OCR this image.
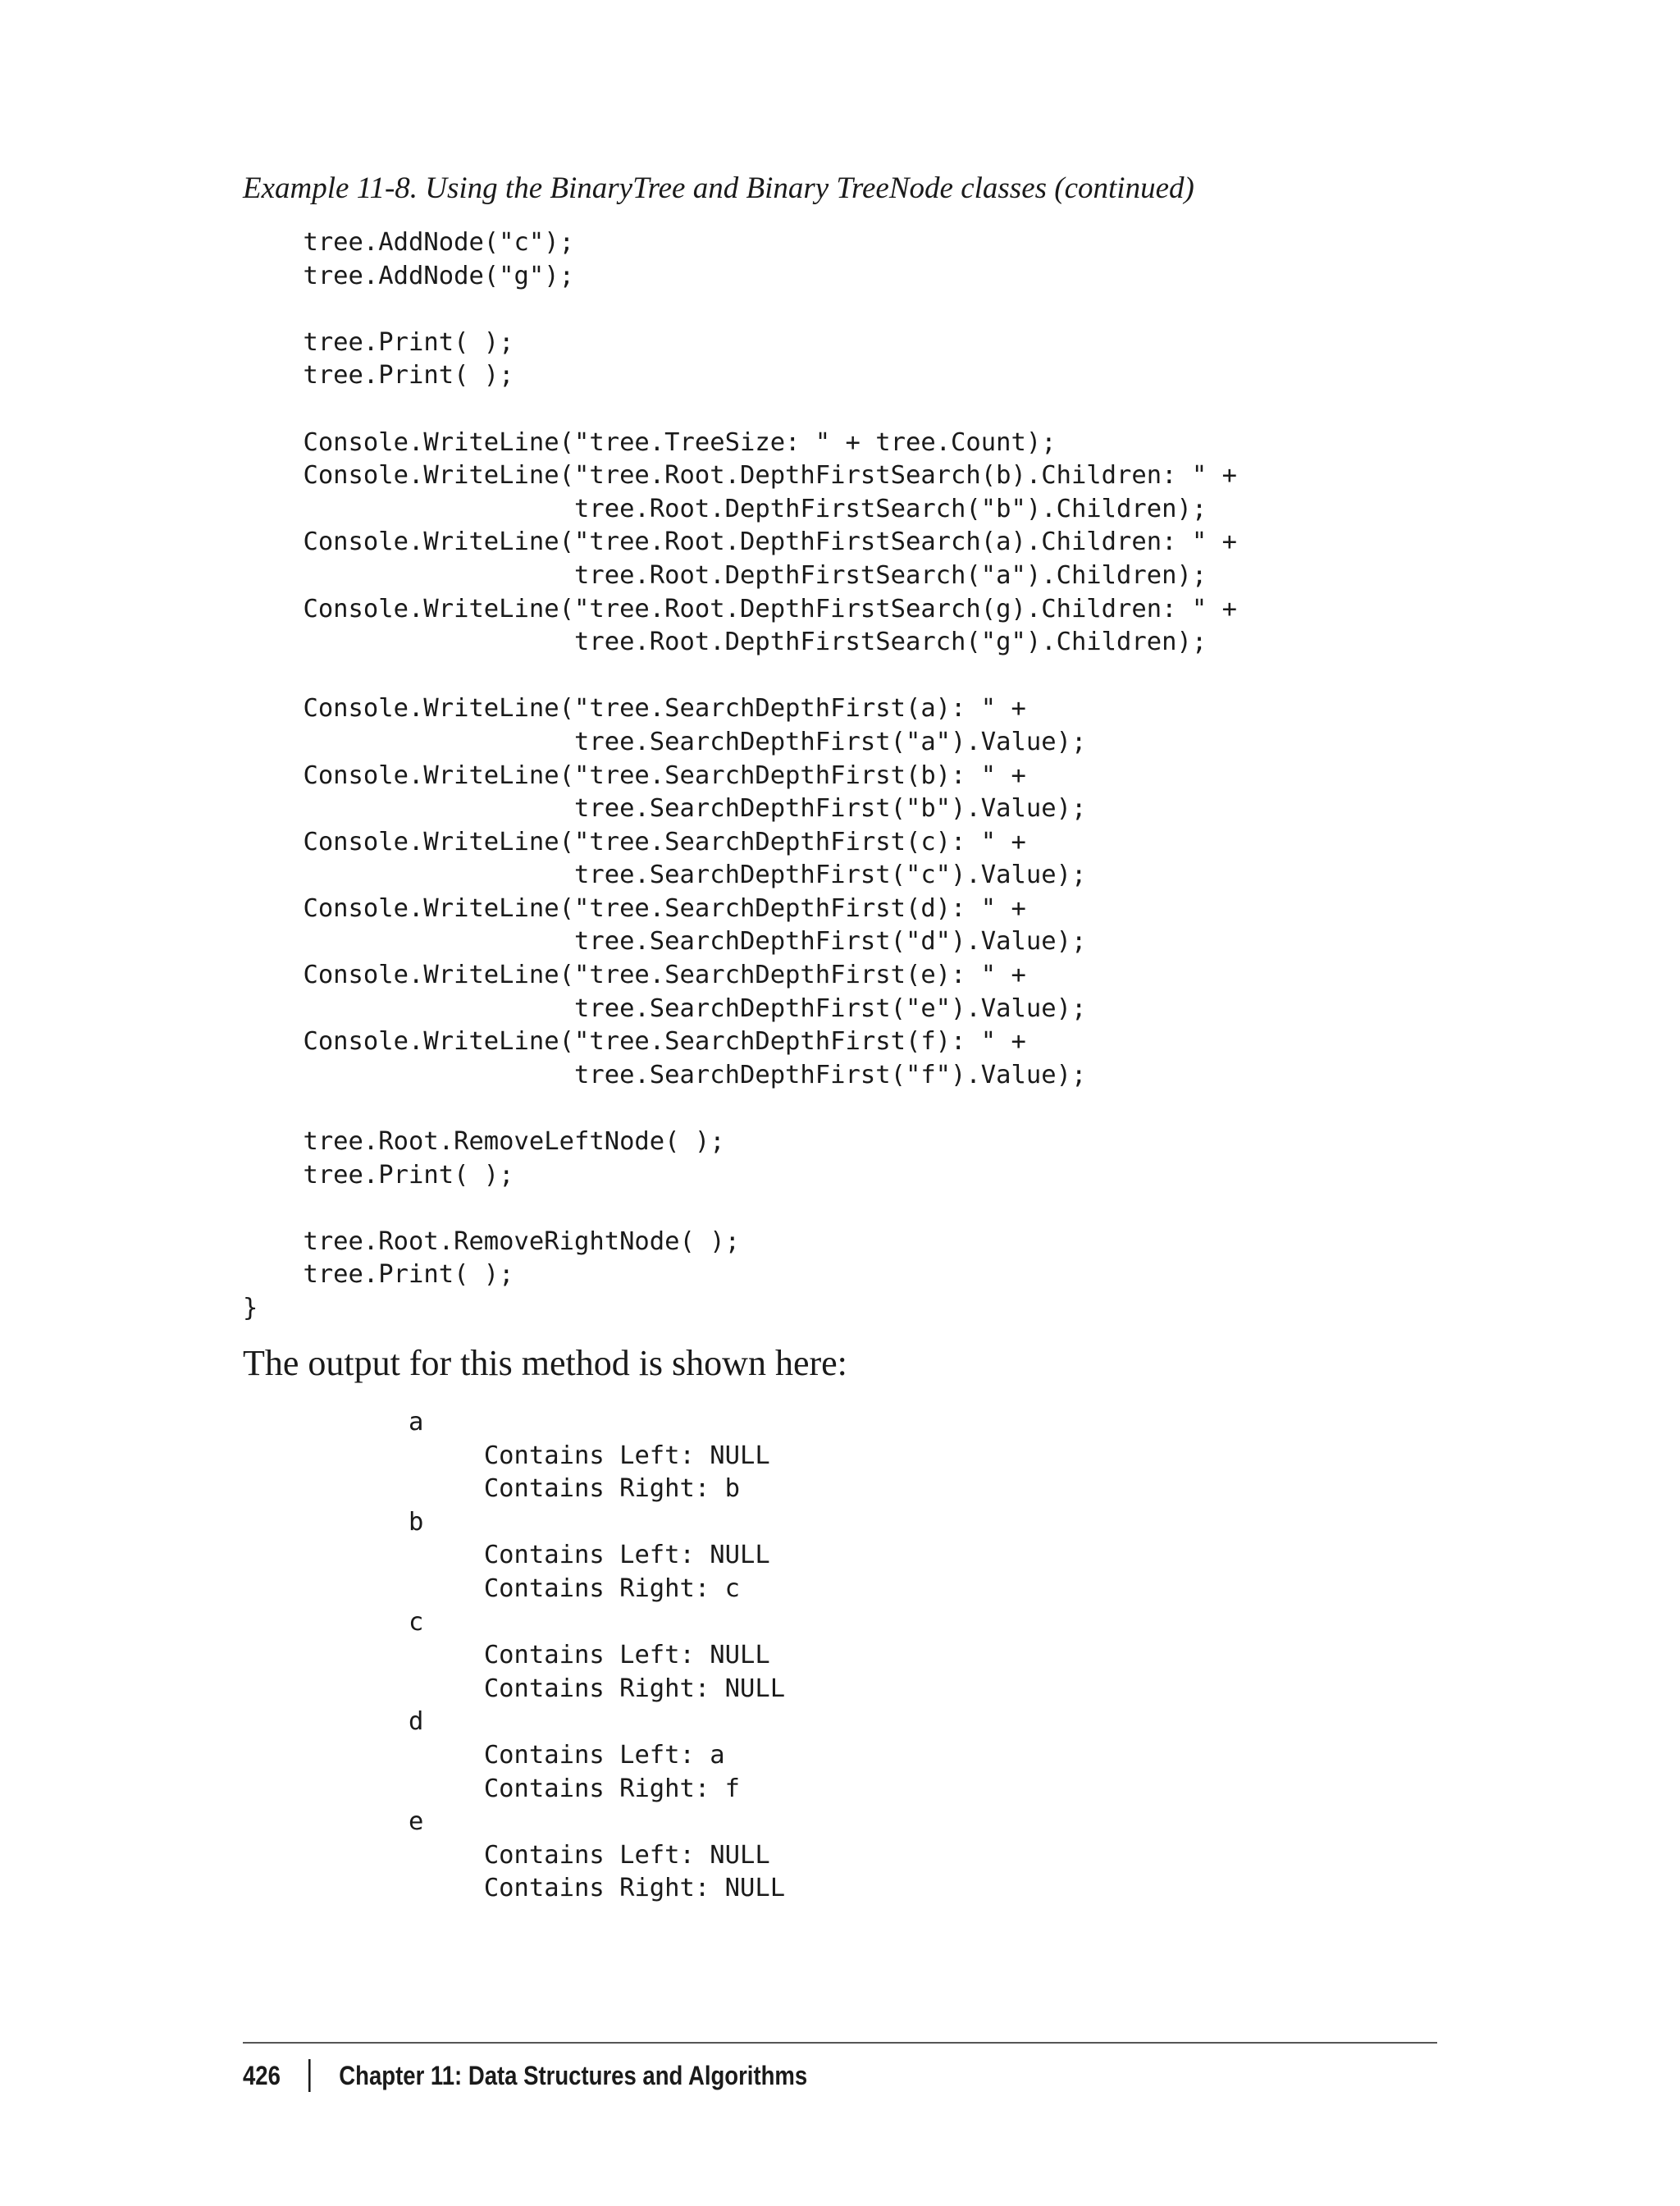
Example 11-8. Using the BinaryTree and Binary TreeNode classes (continued)
tree.AddNode("c");
tree.AddNode("g");

tree.Print( );
tree.Print( );

Console.WriteLine("tree.TreeSize: " + tree.Count);
Console.WriteLine("tree.Root.DepthFirstSearch(b).Children: " +
tree.Root.DepthFirstSearch("b").Children);
Console.WriteLine("tree.Root.DepthFirstSearch(a).Children: " +
tree.Root.DepthFirstSearch("a").Children);
Console.WriteLine("tree.Root.DepthFirstSearch(g).Children: " +
tree.Root.DepthFirstSearch("g").Children);

Console.WriteLine("tree.SearchDepthFirst(a): " +
tree.SearchDepthFirst("a").Value);
Console.WriteLine("tree.SearchDepthFirst(b): " +
tree.SearchDepthFirst("b").Value);
Console.WriteLine("tree.SearchDepthFirst(c): " +
tree.SearchDepthFirst("c").Value);
Console.WriteLine("tree.SearchDepthFirst(d): " +
tree.SearchDepthFirst("d").Value);
Console.WriteLine("tree.SearchDepthFirst(e): " +
tree.SearchDepthFirst("e").Value);
Console.WriteLine("tree.SearchDepthFirst(f): " +
tree.SearchDepthFirst("f").Value);

tree.Root.RemoveLeftNode( );
tree.Print( );

tree.Root.RemoveRightNode( );
tree.Print( );
}

The output for this method is shown here:

a
Contains Left: NULL
Contains Right: b
b
Contains Left: NULL
Contains Right: c
c
Contains Left: NULL
Contains Right: NULL
d
Contains Left: a
Contains Right: f
e
Contains Left: NULL
Contains Right: NULL
426 Chapter 11: Data Structures and Algorithms
